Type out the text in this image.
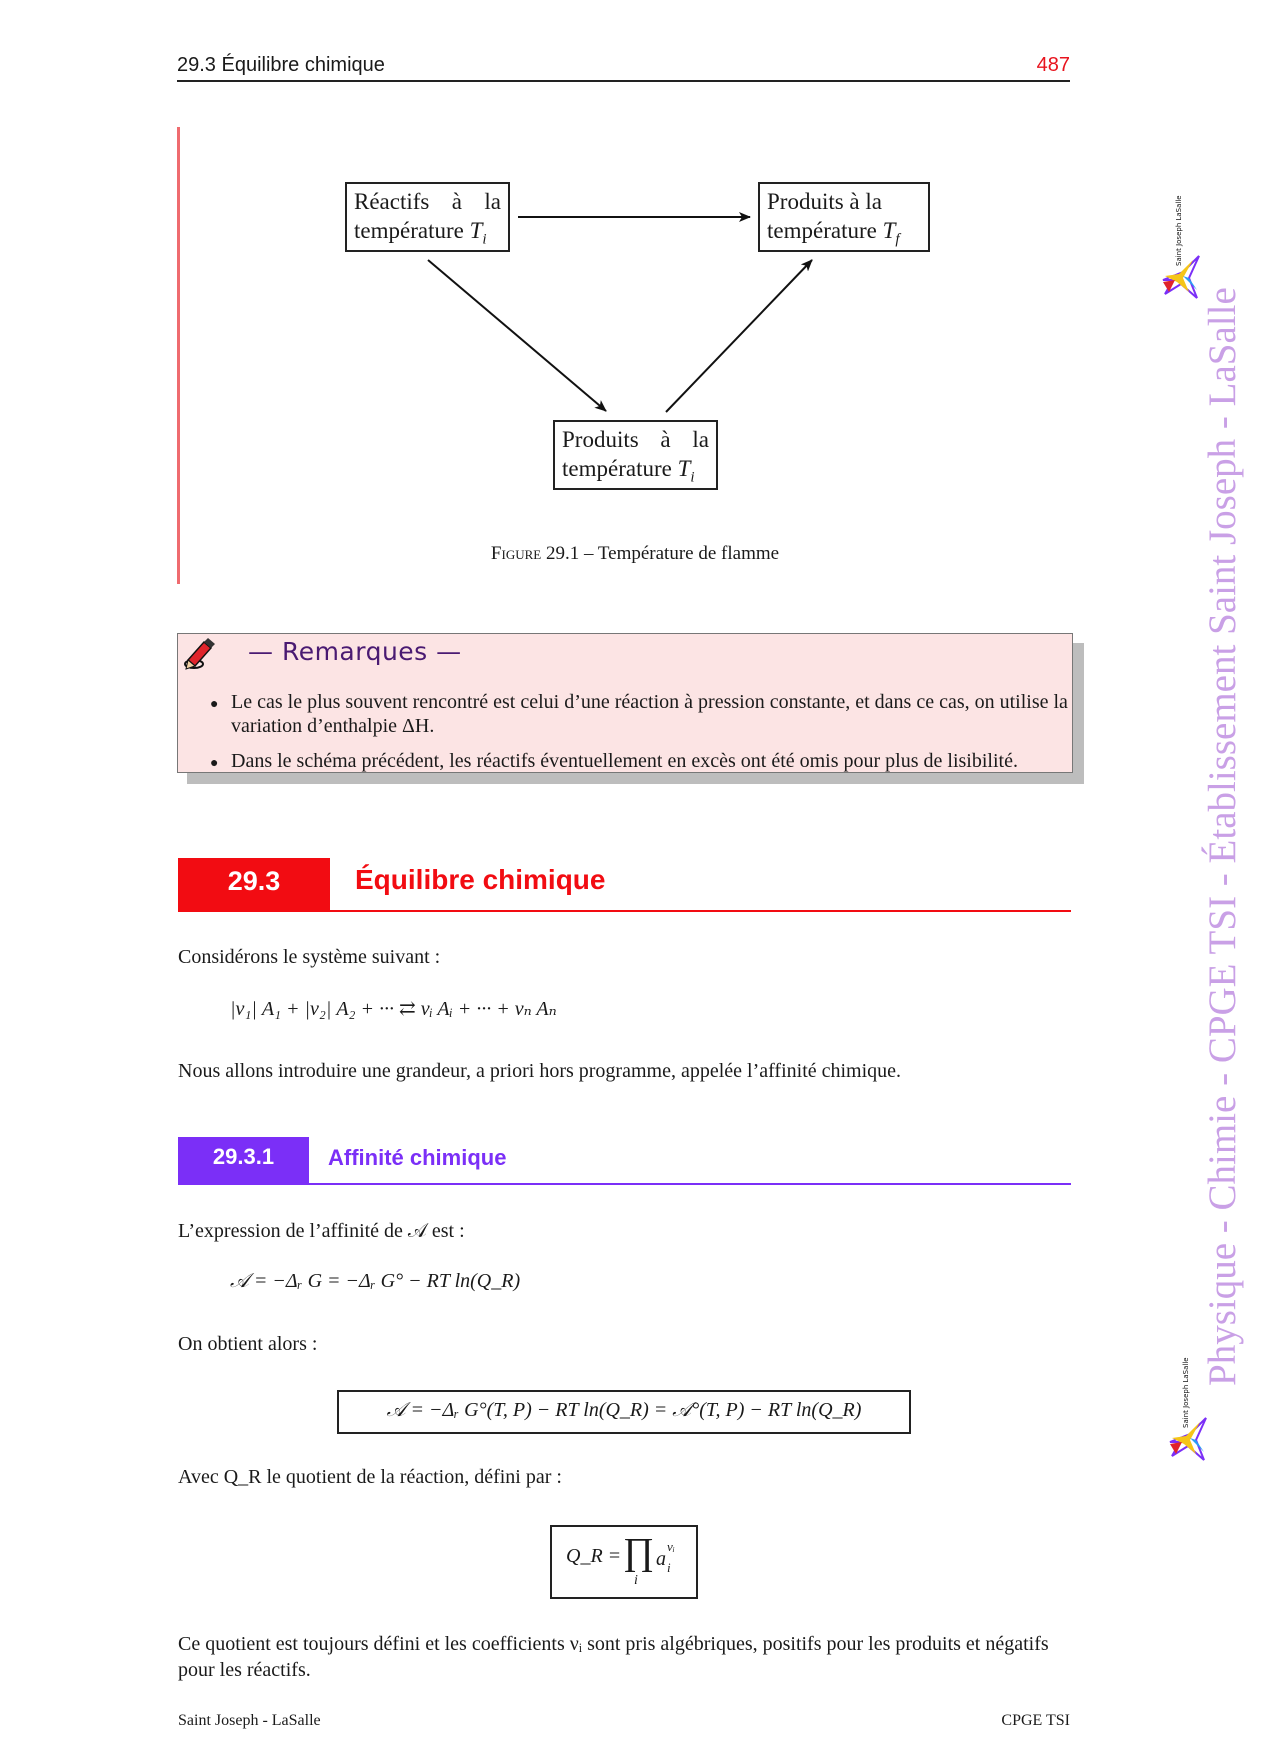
29.3 Équilibre chimique	487
Réactifs à la
température $T_i$
Produits à la
température $T_f$
Produits à la
température $T_i$
Figure 29.1 – Température de flamme
— Remarques —
● Le cas le plus souvent rencontré est celui d’une réaction à pression constante, et dans ce cas, on utilise la variation d’enthalpie ΔH.
● Dans le schéma précédent, les réactifs éventuellement en excès ont été omis pour plus de lisibilité.
29.3	Équilibre chimique
Considérons le système suivant :
|ν₁| A₁ + |ν₂| A₂ + ··· ⇄ νᵢ Aᵢ + ··· + νₙ Aₙ
Nous allons introduire une grandeur, a priori hors programme, appelée l’affinité chimique.
29.3.1	Affinité chimique
L’expression de l’affinité de 𝒜 est :
𝒜 = −Δᵣ G = −Δᵣ G° − RT ln(Q_R)
On obtient alors :
𝒜 = −Δᵣ G°(T, P) − RT ln(Q_R) = 𝒜°(T, P) − RT ln(Q_R)
Avec Q_R le quotient de la réaction, défini par :
Q_R = ∏
i
a
νᵢ
i
Ce quotient est toujours défini et les coefficients νᵢ sont pris algébriques, positifs pour les produits et négatifs pour les réactifs.
Saint Joseph - LaSalle	CPGE TSI
Physique - Chimie - CPGE TSI - Établissement Saint Joseph - LaSalle
Saint Joseph LaSalle
Saint Joseph LaSalle
